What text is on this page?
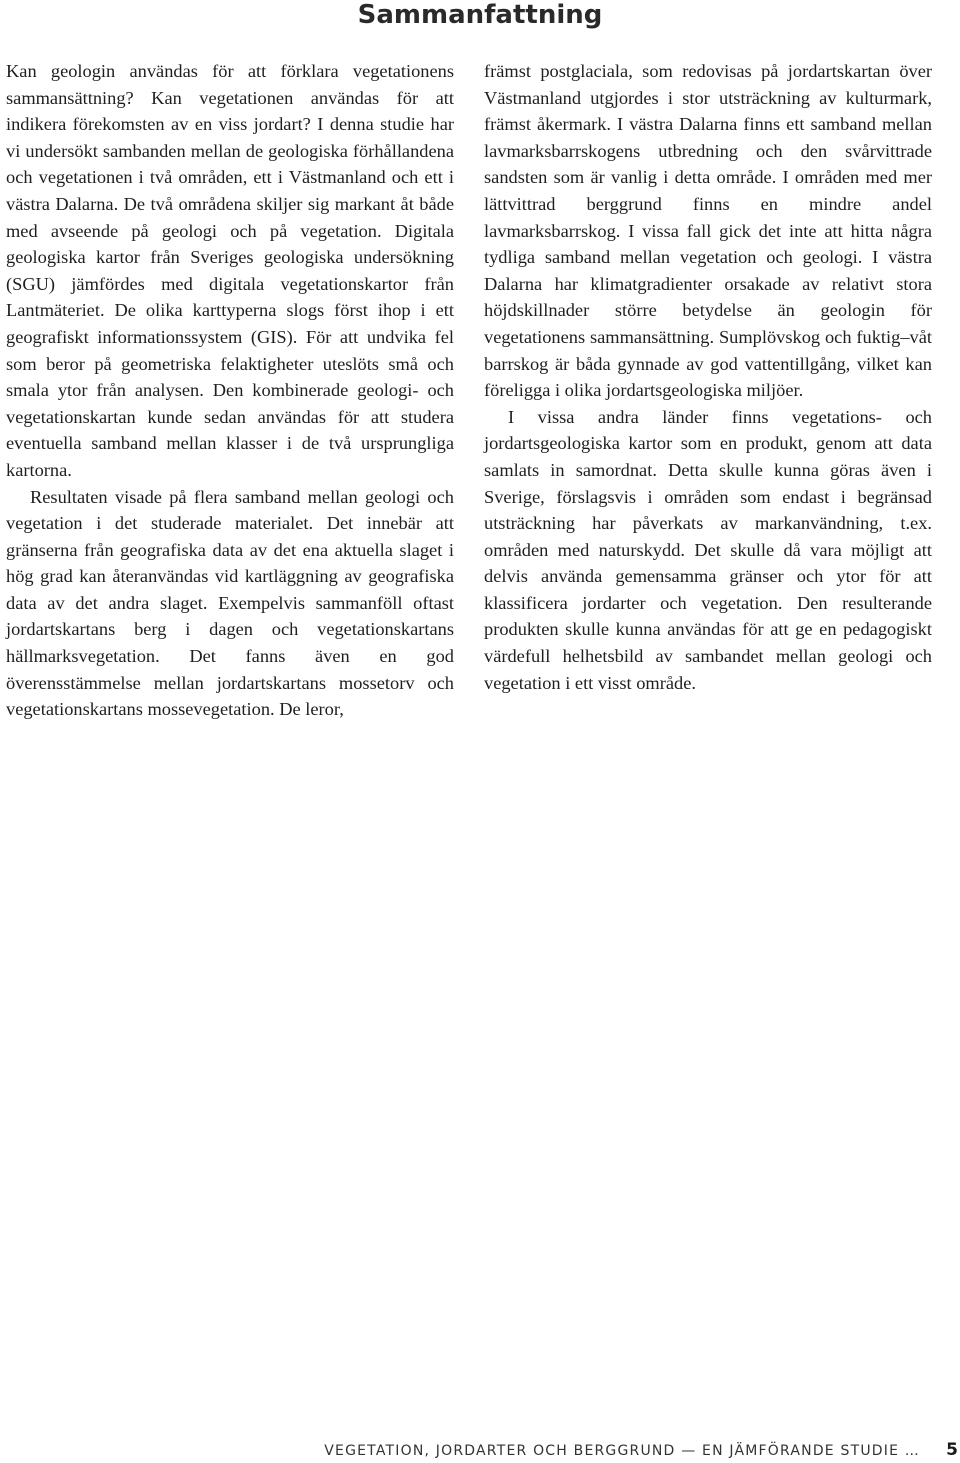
Sammanfattning

Kan geologin användas för att förklara vegetationens sammansättning? Kan vegetationen användas för att indikera förekomsten av en viss jordart? I denna studie har vi undersökt sambanden mellan de geologiska förhållandena och vegetationen i två områden, ett i Västmanland och ett i västra Dalarna. De två områdena skiljer sig markant åt både med avseende på geologi och på vegetation. Digitala geologiska kartor från Sveriges geologiska undersökning (SGU) jämfördes med digitala vegetationskartor från Lantmäteriet. De olika karttyperna slogs först ihop i ett geografiskt informationssystem (GIS). För att undvika fel som beror på geometriska felaktigheter uteslöts små och smala ytor från analysen. Den kombinerade geologi- och vegetationskartan kunde sedan användas för att studera eventuella samband mellan klasser i de två ursprungliga kartorna.

Resultaten visade på flera samband mellan geologi och vegetation i det studerade materialet. Det innebär att gränserna från geografiska data av det ena aktuella slaget i hög grad kan återanvändas vid kartläggning av geografiska data av det andra slaget. Exempelvis sammanföll oftast jordartskartans berg i dagen och vegetationskartans hällmarksvegetation. Det fanns även en god överensstämmelse mellan jordartskartans mossetorv och vegetationskartans mossevegetation. De leror,

främst postglaciala, som redovisas på jordartskartan över Västmanland utgjordes i stor utsträckning av kulturmark, främst åkermark. I västra Dalarna finns ett samband mellan lavmarksbarrskogens utbredning och den svårvittrade sandsten som är vanlig i detta område. I områden med mer lättvittrad berggrund finns en mindre andel lavmarksbarrskog. I vissa fall gick det inte att hitta några tydliga samband mellan vegetation och geologi. I västra Dalarna har klimatgradienter orsakade av relativt stora höjdskillnader större betydelse än geologin för vegetationens sammansättning. Sumplövskog och fuktig–våt barrskog är båda gynnade av god vattentillgång, vilket kan föreligga i olika jordartsgeologiska miljöer.

I vissa andra länder finns vegetations- och jordartsgeologiska kartor som en produkt, genom att data samlats in samordnat. Detta skulle kunna göras även i Sverige, förslagsvis i områden som endast i begränsad utsträckning har påverkats av markanvändning, t.ex. områden med naturskydd. Det skulle då vara möjligt att delvis använda gemensamma gränser och ytor för att klassificera jordarter och vegetation. Den resulterande produkten skulle kunna användas för att ge en pedagogiskt värdefull helhetsbild av sambandet mellan geologi och vegetation i ett visst område.

VEGETATION, JORDARTER OCH BERGGRUND — EN JÄMFÖRANDE STUDIE … 5
